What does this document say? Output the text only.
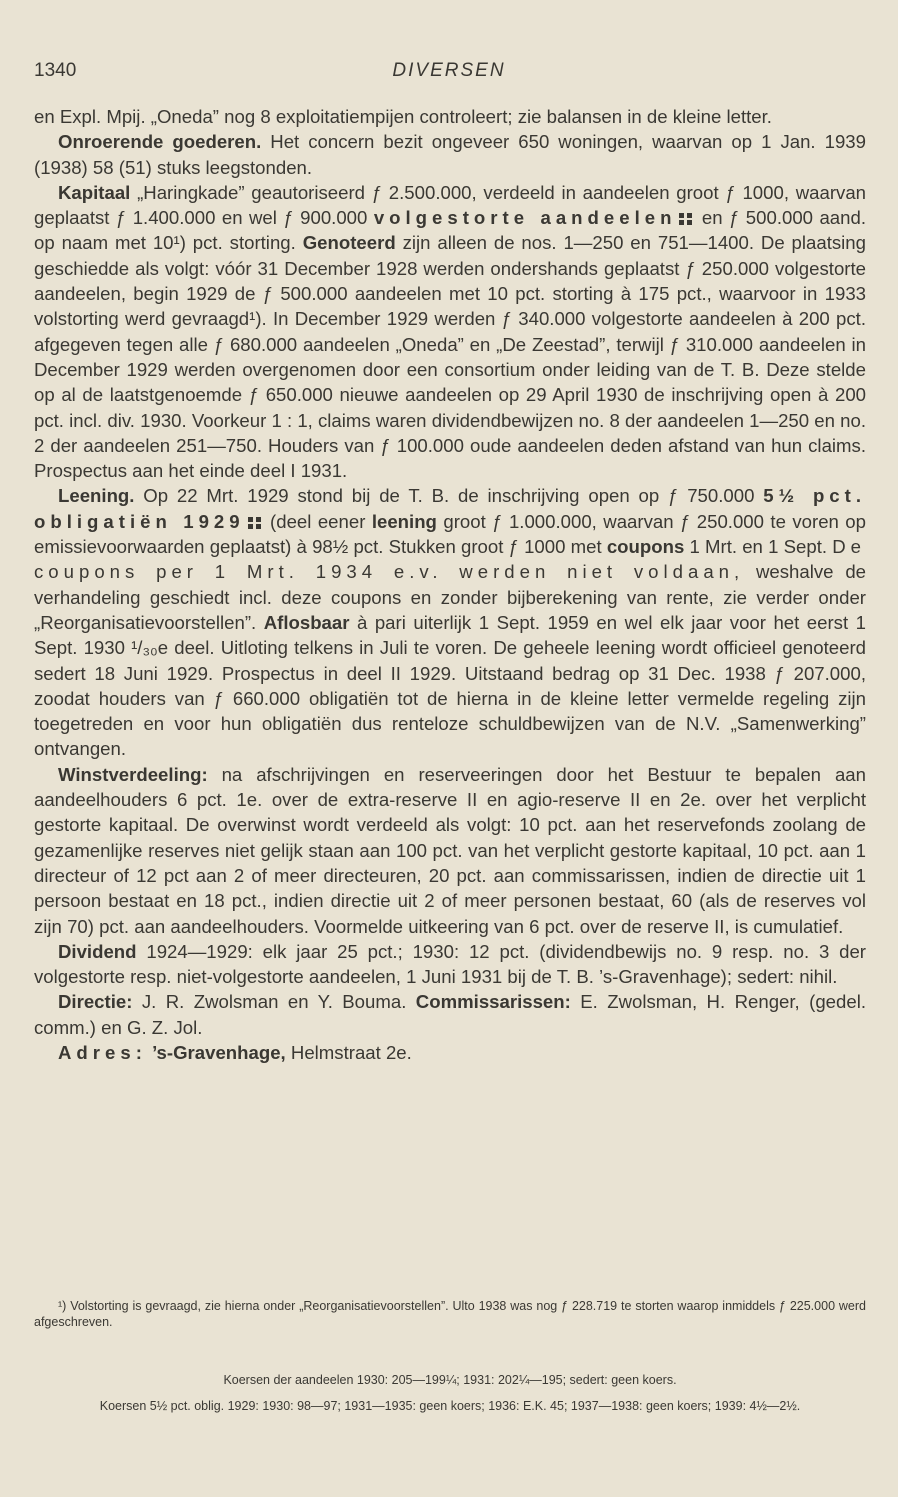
1340	DIVERSEN

en Expl. Mpij. „Oneda” nog 8 exploitatiempijen controleert; zie balansen in de kleine letter.

Onroerende goederen. Het concern bezit ongeveer 650 woningen, waarvan op 1 Jan. 1939 (1938) 58 (51) stuks leegstonden.

Kapitaal „Haringkade” geautoriseerd ƒ 2.500.000, verdeeld in aandeelen groot ƒ 1000, waarvan geplaatst ƒ 1.400.000 en wel ƒ 900.000 volgestorte aandeelen en ƒ 500.000 aand. op naam met 10¹) pct. storting. Genoteerd zijn alleen de nos. 1—250 en 751—1400. De plaatsing geschiedde als volgt: vóór 31 December 1928 werden ondershands geplaatst ƒ 250.000 volgestorte aandeelen, begin 1929 de ƒ 500.000 aandeelen met 10 pct. storting à 175 pct., waarvoor in 1933 volstorting werd gevraagd¹). In December 1929 werden ƒ 340.000 volgestorte aandeelen à 200 pct. afgegeven tegen alle ƒ 680.000 aandeelen „Oneda” en „De Zeestad”, terwijl ƒ 310.000 aandeelen in December 1929 werden overgenomen door een consortium onder leiding van de T. B. Deze stelde op al de laatstgenoemde ƒ 650.000 nieuwe aandeelen op 29 April 1930 de inschrijving open à 200 pct. incl. div. 1930. Voorkeur 1 : 1, claims waren dividendbewijzen no. 8 der aandeelen 1—250 en no. 2 der aandeelen 251—750. Houders van ƒ 100.000 oude aandeelen deden afstand van hun claims. Prospectus aan het einde deel I 1931.

Leening. Op 22 Mrt. 1929 stond bij de T. B. de inschrijving open op ƒ 750.000 5½ pct. obligatiën 1929 (deel eener leening groot ƒ 1.000.000, waarvan ƒ 250.000 te voren op emissievoorwaarden geplaatst) à 98½ pct. Stukken groot ƒ 1000 met coupons 1 Mrt. en 1 Sept. De coupons per 1 Mrt. 1934 e.v. werden niet voldaan, weshalve de verhandeling geschiedt incl. deze coupons en zonder bijberekening van rente, zie verder onder „Reorganisatievoorstellen”. Aflosbaar à pari uiterlijk 1 Sept. 1959 en wel elk jaar voor het eerst 1 Sept. 1930 ¹/₃₀e deel. Uitloting telkens in Juli te voren. De geheele leening wordt officieel genoteerd sedert 18 Juni 1929. Prospectus in deel II 1929. Uitstaand bedrag op 31 Dec. 1938 ƒ 207.000, zoodat houders van ƒ 660.000 obligatiën tot de hierna in de kleine letter vermelde regeling zijn toegetreden en voor hun obligatiën dus renteloze schuldbewijzen van de N.V. „Samenwerking” ontvangen.

Winstverdeeling: na afschrijvingen en reserveeringen door het Bestuur te bepalen aan aandeelhouders 6 pct. 1e. over de extra-reserve II en agio-reserve II en 2e. over het verplicht gestorte kapitaal. De overwinst wordt verdeeld als volgt: 10 pct. aan het reservefonds zoolang de gezamenlijke reserves niet gelijk staan aan 100 pct. van het verplicht gestorte kapitaal, 10 pct. aan 1 directeur of 12 pct aan 2 of meer directeuren, 20 pct. aan commissarissen, indien de directie uit 1 persoon bestaat en 18 pct., indien directie uit 2 of meer personen bestaat, 60 (als de reserves vol zijn 70) pct. aan aandeelhouders. Voormelde uitkeering van 6 pct. over de reserve II, is cumulatief.

Dividend 1924—1929: elk jaar 25 pct.; 1930: 12 pct. (dividendbewijs no. 9 resp. no. 3 der volgestorte resp. niet-volgestorte aandeelen, 1 Juni 1931 bij de T. B. ’s-Gravenhage); sedert: nihil.

Directie: J. R. Zwolsman en Y. Bouma. Commissarissen: E. Zwolsman, H. Renger, (gedel. comm.) en G. Z. Jol.

Adres: ’s-Gravenhage, Helmstraat 2e.

¹) Volstorting is gevraagd, zie hierna onder „Reorganisatievoorstellen”. Ulto 1938 was nog ƒ 228.719 te storten waarop inmiddels ƒ 225.000 werd afgeschreven.

Koersen der aandeelen 1930: 205—199¼; 1931: 202¼—195; sedert: geen koers.
Koersen 5½ pct. oblig. 1929: 1930: 98—97; 1931—1935: geen koers; 1936: E.K. 45; 1937—1938: geen koers; 1939: 4½—2½.
